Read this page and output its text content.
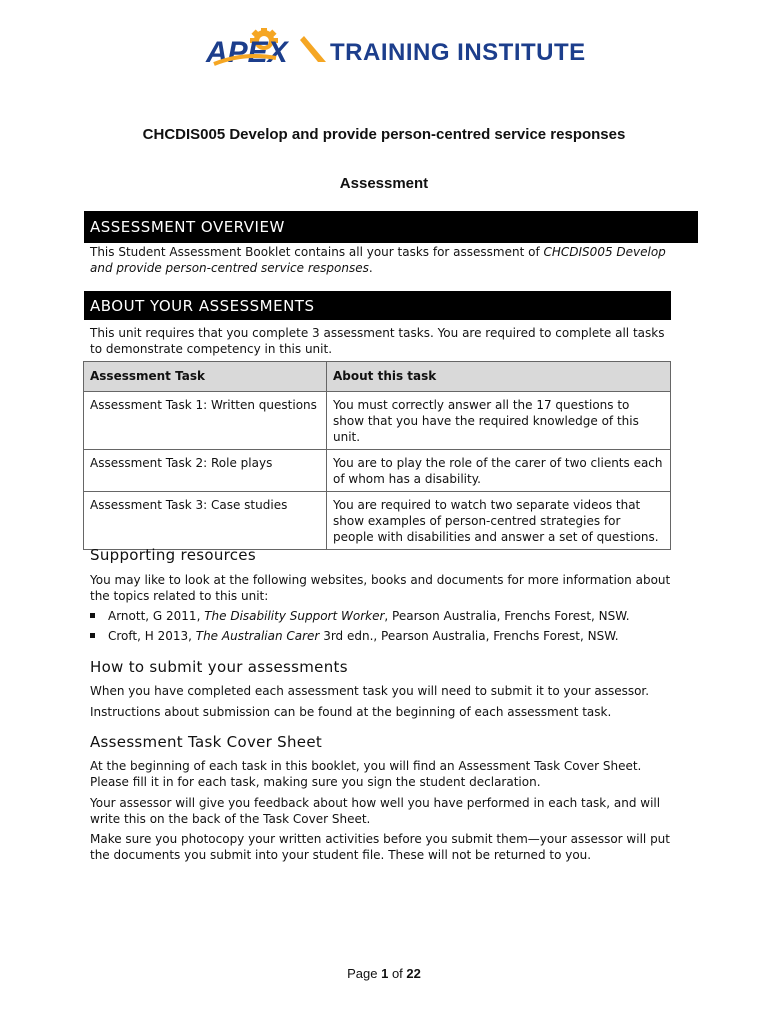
APEX TRAINING INSTITUTE
CHCDIS005 Develop and provide person-centred service responses
Assessment
ASSESSMENT OVERVIEW
This Student Assessment Booklet contains all your tasks for assessment of CHCDIS005 Develop and provide person-centred service responses.
ABOUT YOUR ASSESSMENTS
This unit requires that you complete 3 assessment tasks. You are required to complete all tasks to demonstrate competency in this unit.
Assessment Task	About this task
Assessment Task 1: Written questions	You must correctly answer all the 17 questions to show that you have the required knowledge of this unit.
Assessment Task 2: Role plays	You are to play the role of the carer of two clients each of whom has a disability.
Assessment Task 3: Case studies	You are required to watch two separate videos that show examples of person-centred strategies for people with disabilities and answer a set of questions.
Supporting resources
You may like to look at the following websites, books and documents for more information about the topics related to this unit:
Arnott, G 2011, The Disability Support Worker, Pearson Australia, Frenchs Forest, NSW.
Croft, H 2013, The Australian Carer 3rd edn., Pearson Australia, Frenchs Forest, NSW.
How to submit your assessments
When you have completed each assessment task you will need to submit it to your assessor.
Instructions about submission can be found at the beginning of each assessment task.
Assessment Task Cover Sheet
At the beginning of each task in this booklet, you will find an Assessment Task Cover Sheet. Please fill it in for each task, making sure you sign the student declaration.
Your assessor will give you feedback about how well you have performed in each task, and will write this on the back of the Task Cover Sheet.
Make sure you photocopy your written activities before you submit them—your assessor will put the documents you submit into your student file. These will not be returned to you.
Page 1 of 22
